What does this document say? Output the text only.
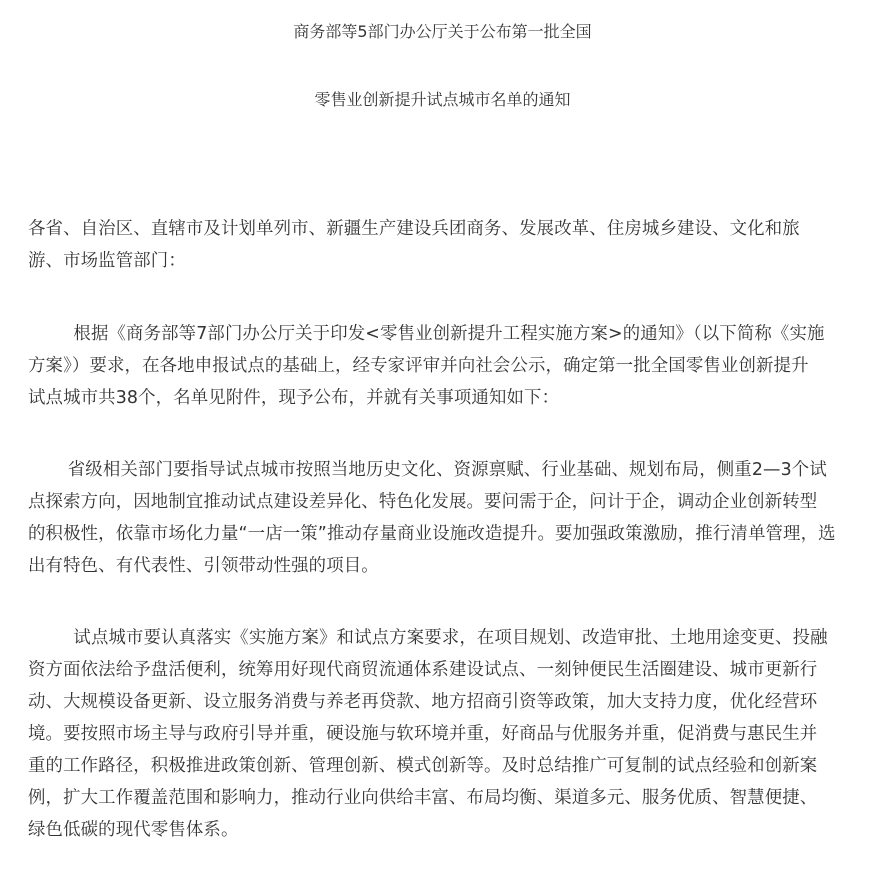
商务部等5部门办公厅关于公布第一批全国
零售业创新提升试点城市名单的通知
各省、自治区、直辖市及计划单列市、新疆生产建设兵团商务、发展改革、住房城乡建设、文化和旅
游、市场监管部门：
根据《商务部等7部门办公厅关于印发<零售业创新提升工程实施方案>的通知》（以下简称《实施
方案》）要求，在各地申报试点的基础上，经专家评审并向社会公示，确定第一批全国零售业创新提升
试点城市共38个，名单见附件，现予公布，并就有关事项通知如下：
省级相关部门要指导试点城市按照当地历史文化、资源禀赋、行业基础、规划布局，侧重2—3个试
点探索方向，因地制宜推动试点建设差异化、特色化发展。要问需于企，问计于企，调动企业创新转型
的积极性，依靠市场化力量“一店一策”推动存量商业设施改造提升。要加强政策激励，推行清单管理，选
出有特色、有代表性、引领带动性强的项目。
试点城市要认真落实《实施方案》和试点方案要求，在项目规划、改造审批、土地用途变更、投融
资方面依法给予盘活便利，统筹用好现代商贸流通体系建设试点、一刻钟便民生活圈建设、城市更新行
动、大规模设备更新、设立服务消费与养老再贷款、地方招商引资等政策，加大支持力度，优化经营环
境。要按照市场主导与政府引导并重，硬设施与软环境并重，好商品与优服务并重，促消费与惠民生并
重的工作路径，积极推进政策创新、管理创新、模式创新等。及时总结推广可复制的试点经验和创新案
例，扩大工作覆盖范围和影响力，推动行业向供给丰富、布局均衡、渠道多元、服务优质、智慧便捷、
绿色低碳的现代零售体系。
